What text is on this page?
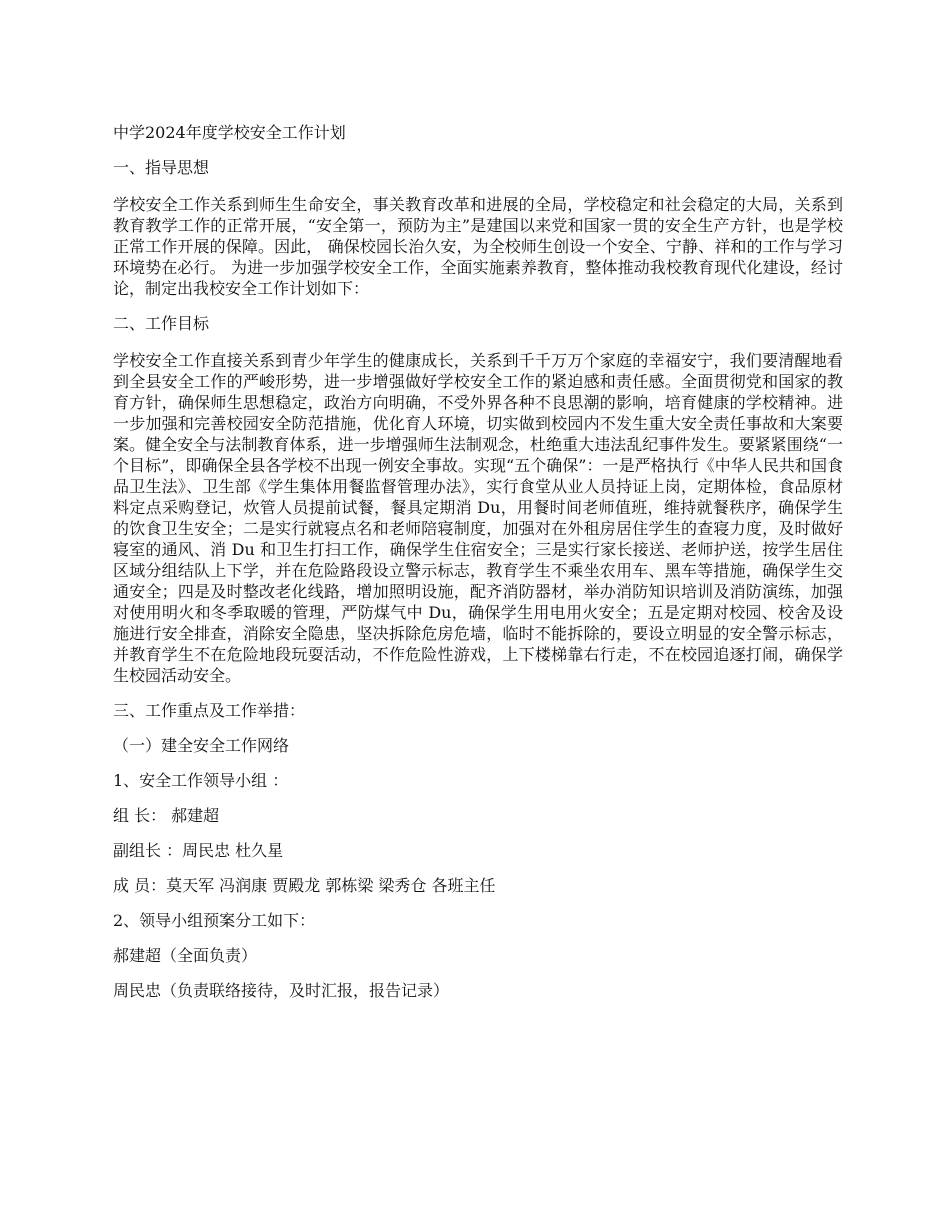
中学2024年度学校安全工作计划

一、指导思想

学校安全工作关系到师生生命安全，事关教育改革和进展的全局，学校稳定和社会稳定的大局，关系到教育教学工作的正常开展，“安全第一，预防为主”是建国以来党和国家一贯的安全生产方针，也是学校正常工作开展的保障。因此， 确保校园长治久安，为全校师生创设一个安全、宁静、祥和的工作与学习环境势在必行。 为进一步加强学校安全工作，全面实施素养教育，整体推动我校教育现代化建设，经讨论，制定出我校安全工作计划如下：

二、工作目标

学校安全工作直接关系到青少年学生的健康成长，关系到千千万万个家庭的幸福安宁，我们要清醒地看到全县安全工作的严峻形势，进一步增强做好学校安全工作的紧迫感和责任感。全面贯彻党和国家的教育方针，确保师生思想稳定，政治方向明确，不受外界各种不良思潮的影响，培育健康的学校精神。进一步加强和完善校园安全防范措施，优化育人环境，切实做到校园内不发生重大安全责任事故和大案要案。健全安全与法制教育体系，进一步增强师生法制观念，杜绝重大违法乱纪事件发生。要紧紧围绕“一个目标”，即确保全县各学校不出现一例安全事故。实现“五个确保”：一是严格执行《中华人民共和国食品卫生法》、卫生部《学生集体用餐监督管理办法》，实行食堂从业人员持证上岗，定期体检，食品原材料定点采购登记，炊管人员提前试餐，餐具定期消 Du，用餐时间老师值班，维持就餐秩序，确保学生的饮食卫生安全；二是实行就寝点名和老师陪寝制度，加强对在外租房居住学生的查寝力度，及时做好寝室的通风、消 Du 和卫生打扫工作，确保学生住宿安全；三是实行家长接送、老师护送，按学生居住区域分组结队上下学，并在危险路段设立警示标志，教育学生不乘坐农用车、黑车等措施，确保学生交通安全；四是及时整改老化线路，增加照明设施，配齐消防器材，举办消防知识培训及消防演练，加强对使用明火和冬季取暖的管理，严防煤气中 Du，确保学生用电用火安全；五是定期对校园、校舍及设施进行安全排查，消除安全隐患，坚决拆除危房危墙，临时不能拆除的，要设立明显的安全警示标志，并教育学生不在危险地段玩耍活动，不作危险性游戏，上下楼梯靠右行走，不在校园追逐打闹，确保学生校园活动安全。

三、工作重点及工作举措：

（一）建全安全工作网络

1、安全工作领导小组 ：

组 长： 郝建超

副组长 ：周民忠 杜久星

成 员：莫天军 冯润康 贾殿龙 郭栋梁 梁秀仓 各班主任

2、领导小组预案分工如下：

郝建超（全面负责）

周民忠（负责联络接待，及时汇报，报告记录）
